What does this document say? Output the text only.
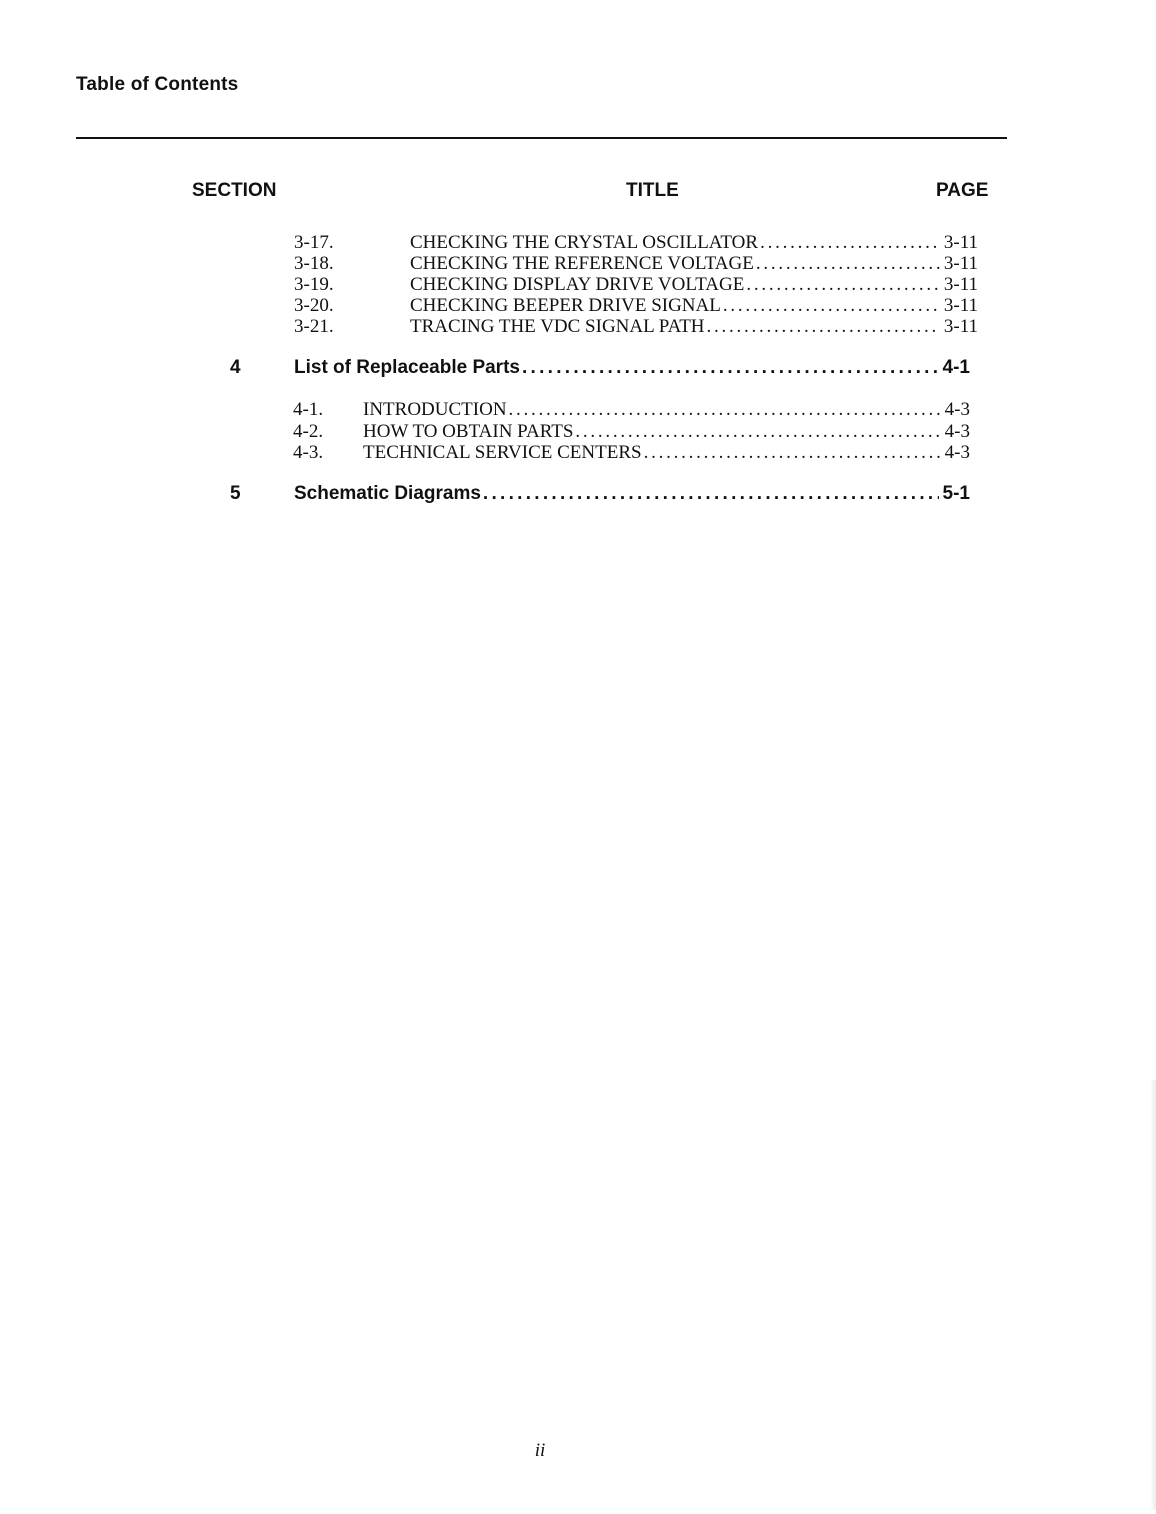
Table of Contents
SECTION	TITLE	PAGE
3-17.	CHECKING THE CRYSTAL OSCILLATOR . . .	3-11
3-18.	CHECKING THE REFERENCE VOLTAGE . . .	3-11
3-19.	CHECKING DISPLAY DRIVE VOLTAGE . . .	3-11
3-20.	CHECKING BEEPER DRIVE SIGNAL . . .	3-11
3-21.	TRACING THE VDC SIGNAL PATH . . .	3-11
4	List of Replaceable Parts . . .	4-1
4-1. INTRODUCTION . . .	4-3
4-2. HOW TO OBTAIN PARTS . . .	4-3
4-3. TECHNICAL SERVICE CENTERS . . .	4-3
5	Schematic Diagrams . . .	5-1
ii
